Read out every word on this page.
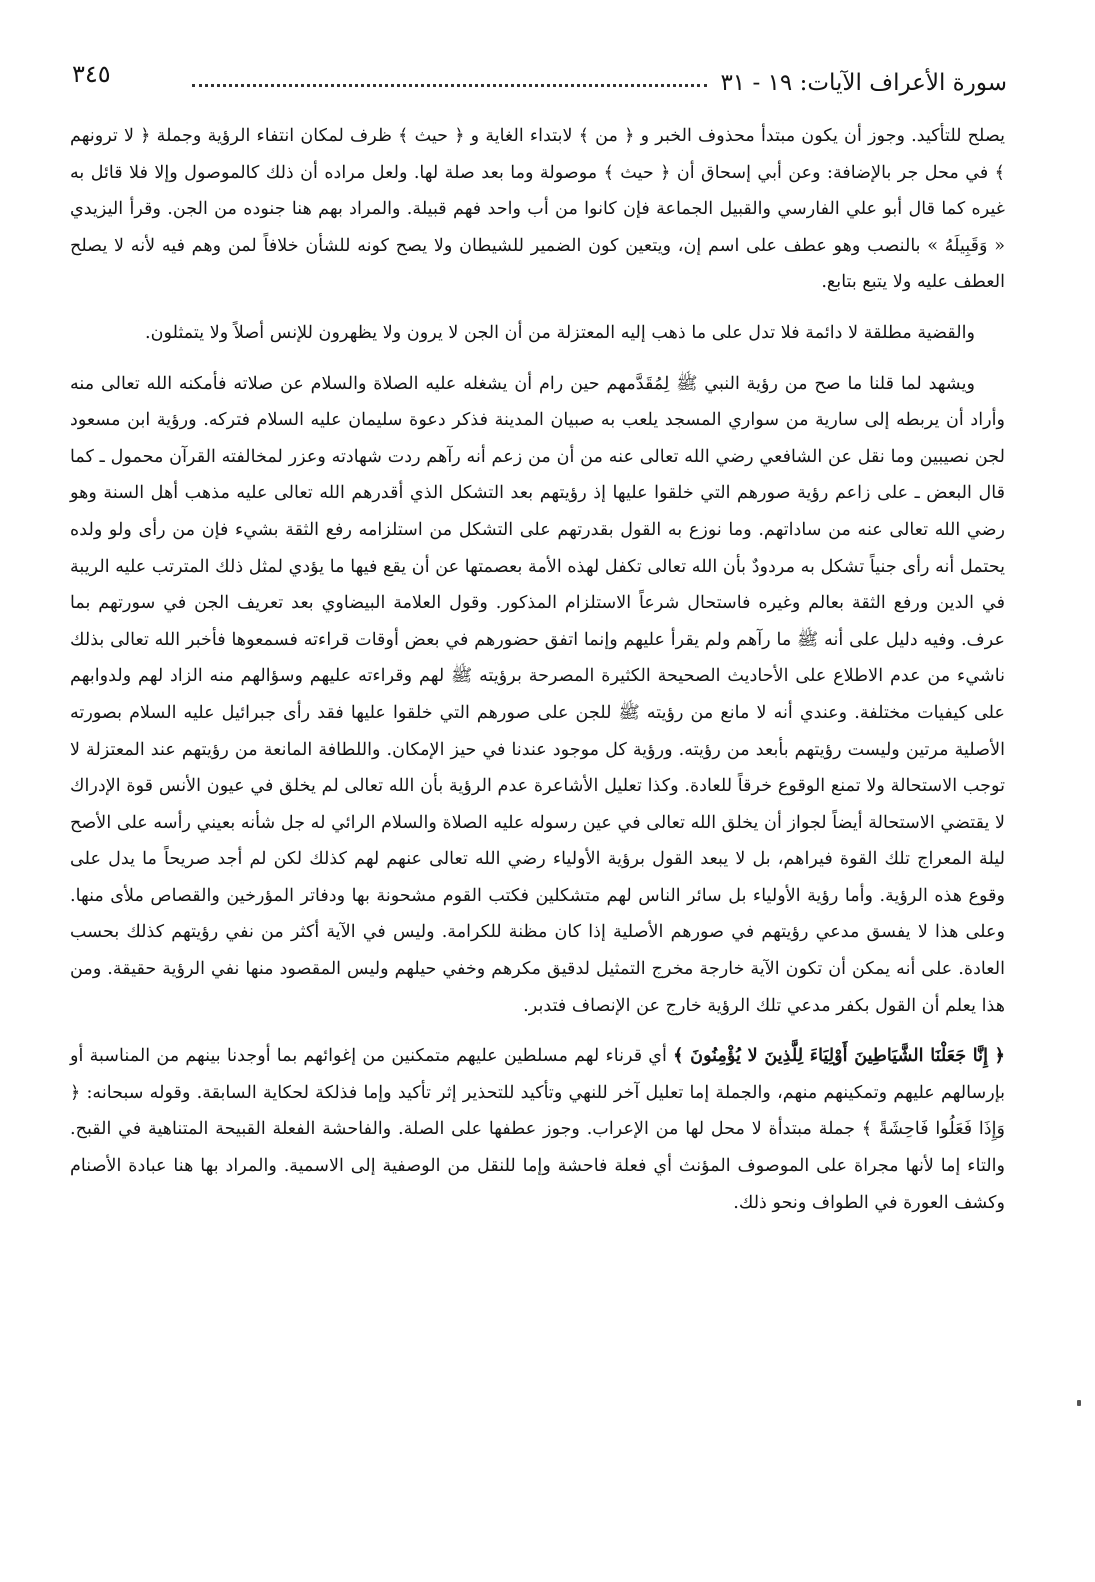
سورة الأعراف الآيات: ١٩ - ٣١
٣٤٥

يصلح للتأكيد. وجوز أن يكون مبتدأ محذوف الخبر و ﴿ من ﴾ لابتداء الغاية و ﴿ حيث ﴾ ظرف لمكان انتفاء الرؤية وجملة ﴿ لا ترونهم ﴾ في محل جر بالإضافة: وعن أبي إسحاق أن ﴿ حيث ﴾ موصولة وما بعد صلة لها. ولعل مراده أن ذلك كالموصول وإلا فلا قائل به غيره كما قال أبو علي الفارسي والقبيل الجماعة فإن كانوا من أب واحد فهم قبيلة. والمراد بهم هنا جنوده من الجن. وقرأ اليزيدي « وَقَبِيلَهُ » بالنصب وهو عطف على اسم إن، ويتعين كون الضمير للشيطان ولا يصح كونه للشأن خلافاً لمن وهم فيه لأنه لا يصلح العطف عليه ولا يتبع بتابع.

والقضية مطلقة لا دائمة فلا تدل على ما ذهب إليه المعتزلة من أن الجن لا يرون ولا يظهرون للإنس أصلاً ولا يتمثلون.

ويشهد لما قلنا ما صح من رؤية النبي ﷺ لِمُقَدَّمهم حين رام أن يشغله عليه الصلاة والسلام عن صلاته فأمكنه الله تعالى منه وأراد أن يربطه إلى سارية من سواري المسجد يلعب به صبيان المدينة فذكر دعوة سليمان عليه السلام فتركه. ورؤية ابن مسعود لجن نصيبين وما نقل عن الشافعي رضي الله تعالى عنه من أن من زعم أنه رآهم ردت شهادته وعزر لمخالفته القرآن محمول ـ كما قال البعض ـ على زاعم رؤية صورهم التي خلقوا عليها إذ رؤيتهم بعد التشكل الذي أقدرهم الله تعالى عليه مذهب أهل السنة وهو رضي الله تعالى عنه من ساداتهم. وما نوزع به القول بقدرتهم على التشكل من استلزامه رفع الثقة بشيء فإن من رأى ولو ولده يحتمل أنه رأى جنياً تشكل به مردودٌ بأن الله تعالى تكفل لهذه الأمة بعصمتها عن أن يقع فيها ما يؤدي لمثل ذلك المترتب عليه الريبة في الدين ورفع الثقة بعالم وغيره فاستحال شرعاً الاستلزام المذكور. وقول العلامة البيضاوي بعد تعريف الجن في سورتهم بما عرف. وفيه دليل على أنه ﷺ ما رآهم ولم يقرأ عليهم وإنما اتفق حضورهم في بعض أوقات قراءته فسمعوها فأخبر الله تعالى بذلك ناشيء من عدم الاطلاع على الأحاديث الصحيحة الكثيرة المصرحة برؤيته ﷺ لهم وقراءته عليهم وسؤالهم منه الزاد لهم ولدوابهم على كيفيات مختلفة. وعندي أنه لا مانع من رؤيته ﷺ للجن على صورهم التي خلقوا عليها فقد رأى جبرائيل عليه السلام بصورته الأصلية مرتين وليست رؤيتهم بأبعد من رؤيته. ورؤية كل موجود عندنا في حيز الإمكان. واللطافة المانعة من رؤيتهم عند المعتزلة لا توجب الاستحالة ولا تمنع الوقوع خرقاً للعادة. وكذا تعليل الأشاعرة عدم الرؤية بأن الله تعالى لم يخلق في عيون الأنس قوة الإدراك لا يقتضي الاستحالة أيضاً لجواز أن يخلق الله تعالى في عين رسوله عليه الصلاة والسلام الرائي له جل شأنه بعيني رأسه على الأصح ليلة المعراج تلك القوة فيراهم، بل لا يبعد القول برؤية الأولياء رضي الله تعالى عنهم لهم كذلك لكن لم أجد صريحاً ما يدل على وقوع هذه الرؤية. وأما رؤية الأولياء بل سائر الناس لهم متشكلين فكتب القوم مشحونة بها ودفاتر المؤرخين والقصاص ملأى منها. وعلى هذا لا يفسق مدعي رؤيتهم في صورهم الأصلية إذا كان مظنة للكرامة. وليس في الآية أكثر من نفي رؤيتهم كذلك بحسب العادة. على أنه يمكن أن تكون الآية خارجة مخرج التمثيل لدقيق مكرهم وخفي حيلهم وليس المقصود منها نفي الرؤية حقيقة. ومن هذا يعلم أن القول بكفر مدعي تلك الرؤية خارج عن الإنصاف فتدبر.

﴿ إِنَّا جَعَلْنَا الشَّيَاطِينَ أَوْلِيَاءَ لِلَّذِينَ لا يُؤْمِنُونَ ﴾ أي قرناء لهم مسلطين عليهم متمكنين من إغوائهم بما أوجدنا بينهم من المناسبة أو بإرسالهم عليهم وتمكينهم منهم، والجملة إما تعليل آخر للنهي وتأكيد للتحذير إثر تأكيد وإما فذلكة لحكاية السابقة. وقوله سبحانه: ﴿ وَإِذَا فَعَلُوا فَاحِشَةً ﴾ جملة مبتدأة لا محل لها من الإعراب. وجوز عطفها على الصلة. والفاحشة الفعلة القبيحة المتناهية في القبح. والتاء إما لأنها مجراة على الموصوف المؤنث أي فعلة فاحشة وإما للنقل من الوصفية إلى الاسمية. والمراد بها هنا عبادة الأصنام وكشف العورة في الطواف ونحو ذلك.
